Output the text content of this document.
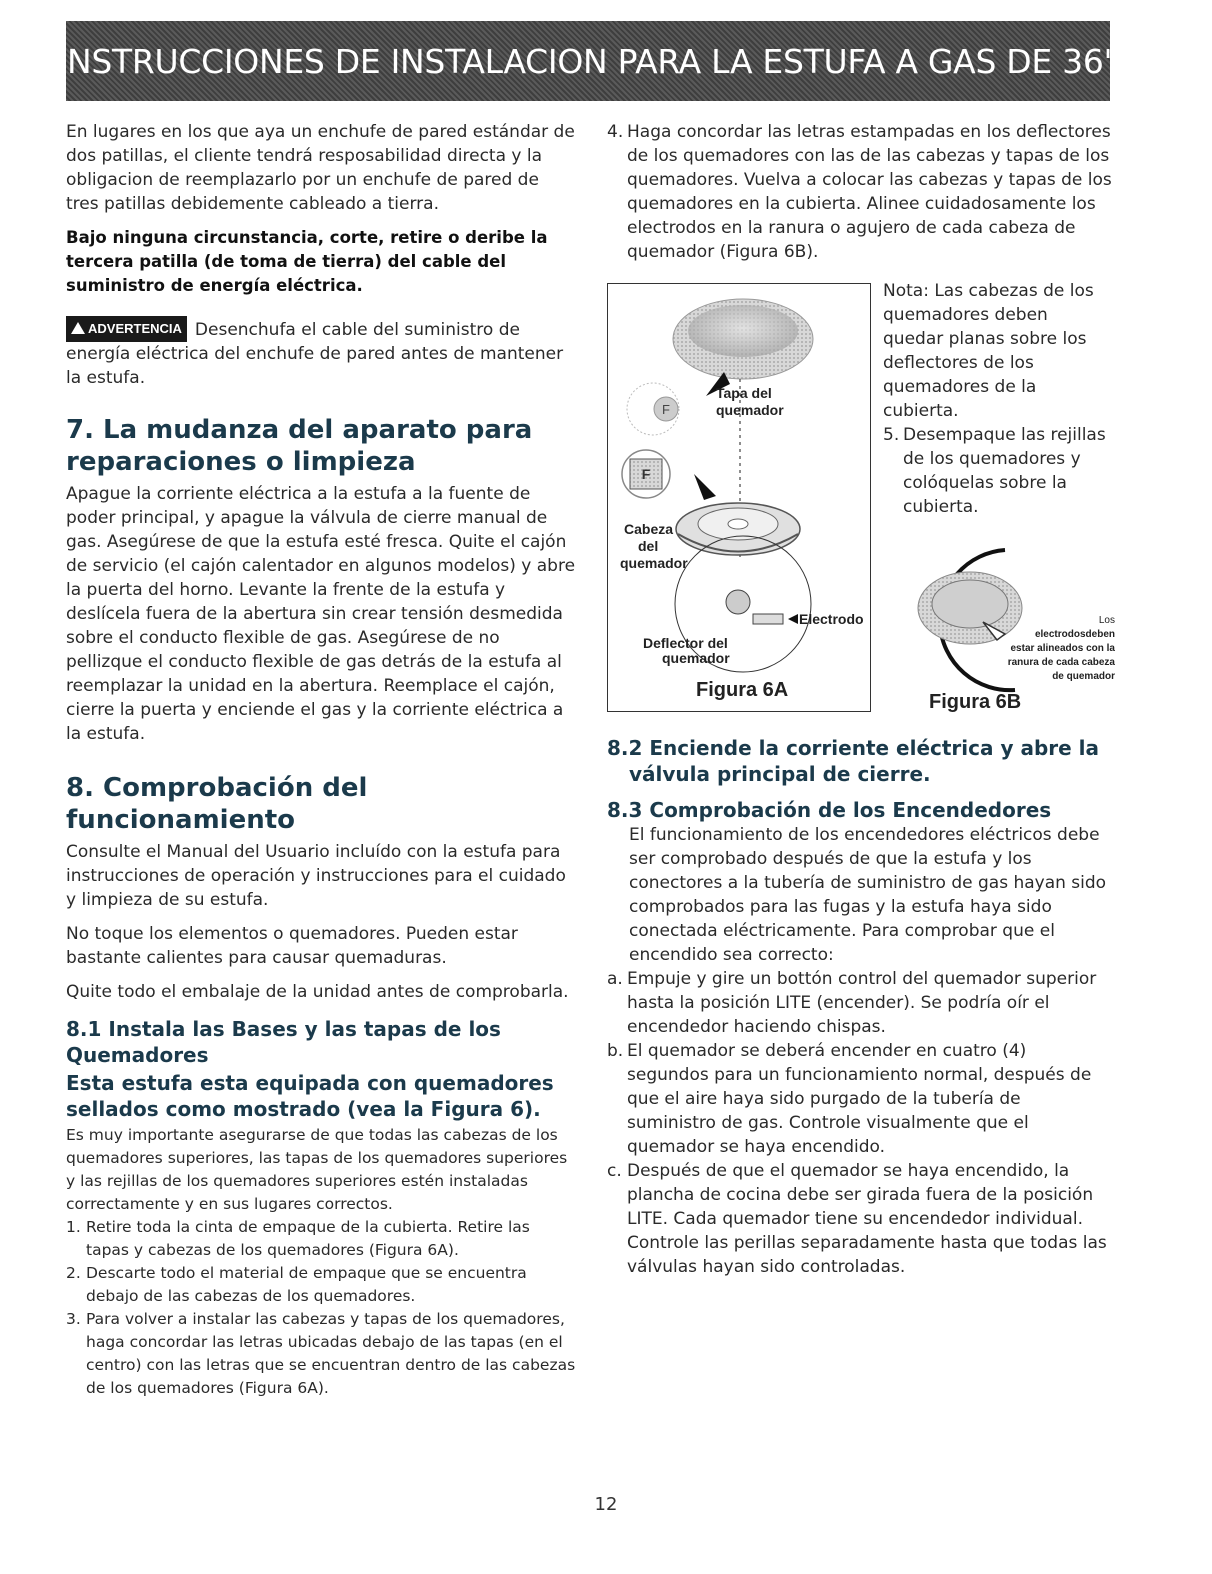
INSTRUCCIONES DE INSTALACION PARA LA ESTUFA A GAS DE 36"

En lugares en los que aya un enchufe de pared estándar de dos patillas, el cliente tendrá resposabilidad directa y la obligacion de reemplazarlo por un enchufe de pared de tres patillas debidemente cableado a tierra.

Bajo ninguna circunstancia, corte, retire o deribe la tercera patilla (de toma de tierra) del cable del suministro de energía eléctrica.

ADVERTENCIA Desenchufa el cable del suministro de energía eléctrica del enchufe de pared antes de mantener la estufa.

7. La mudanza del aparato para reparaciones o limpieza

Apague la corriente eléctrica a la estufa a la fuente de poder principal, y apague la válvula de cierre manual de gas. Asegúrese de que la estufa esté fresca. Quite el cajón de servicio (el cajón calentador en algunos modelos) y abre la puerta del horno. Levante la frente de la estufa y deslícela fuera de la abertura sin crear tensión desmedida sobre el conducto flexible de gas. Asegúrese de no pellizque el conducto flexible de gas detrás de la estufa al reemplazar la unidad en la abertura. Reemplace el cajón, cierre la puerta y enciende el gas y la corriente eléctrica a la estufa.

8. Comprobación del funcionamiento

Consulte el Manual del Usuario incluído con la estufa para instrucciones de operación y instrucciones para el cuidado y limpieza de su estufa.

No toque los elementos o quemadores. Pueden estar bastante calientes para causar quemaduras.

Quite todo el embalaje de la unidad antes de comprobarla.

8.1 Instala las Bases y las tapas de los Quemadores

Esta estufa esta equipada con quemadores sellados como mostrado (vea la Figura 6).

Es muy importante asegurarse de que todas las cabezas de los quemadores superiores, las tapas de los quemadores superiores y las rejillas de los quemadores superiores estén instaladas correctamente y en sus lugares correctos.

1. Retire toda la cinta de empaque de la cubierta. Retire las tapas y cabezas de los quemadores (Figura 6A).
2. Descarte todo el material de empaque que se encuentra debajo de las cabezas de los quemadores.
3. Para volver a instalar las cabezas y tapas de los quemadores, haga concordar las letras ubicadas debajo de las tapas (en el centro) con las letras que se encuentran dentro de las cabezas de los quemadores (Figura 6A).
4. Haga concordar las letras estampadas en los deflectores de los quemadores con las de las cabezas y tapas de los quemadores. Vuelva a colocar las cabezas y tapas de los quemadores en la cubierta. Alinee cuidadosamente los electrodos en la ranura o agujero de cada cabeza de quemador (Figura 6B).
F
Tapa del
quemador
F
Cabeza
del
quemador
Electrodo
Deflector del
quemador
Figura 6A

Nota: Las cabezas de los quemadores deben quedar planas sobre los deflectores de los quemadores de la cubierta.

5. Desempaque las rejillas de los quemadores y colóquelas sobre la cubierta.
Los
electrodosdeben
estar alineados con la
ranura de cada cabeza
de quemador
Figura 6B

8.2 Enciende la corriente eléctrica y abre la válvula principal de cierre.

8.3 Comprobación de los Encendedores

El funcionamiento de los encendedores eléctricos debe ser comprobado después de que la estufa y los conectores a la tubería de suministro de gas hayan sido comprobados para las fugas y la estufa haya sido conectada eléctricamente. Para comprobar que el encendido sea correcto:

a. Empuje y gire un bottón control del quemador superior hasta la posición LITE (encender). Se podría oír el encendedor haciendo chispas.
b. El quemador se deberá encender en cuatro (4) segundos para un funcionamiento normal, después de que el aire haya sido purgado de la tubería de suministro de gas. Controle visualmente que el quemador se haya encendido.
c. Después de que el quemador se haya encendido, la plancha de cocina debe ser girada fuera de la posición LITE. Cada quemador tiene su encendedor individual. Controle las perillas separadamente hasta que todas las válvulas hayan sido controladas.
12
